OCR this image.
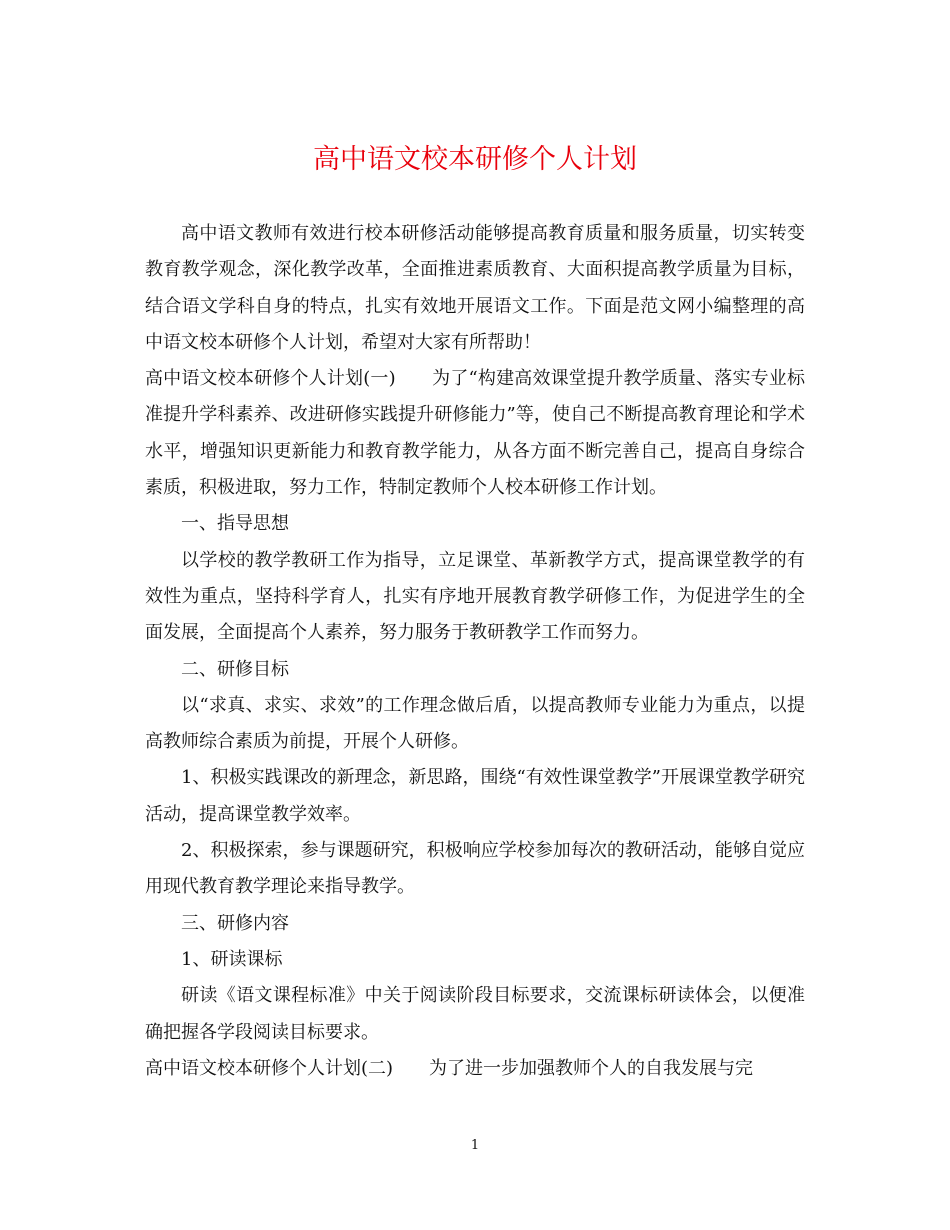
高中语文校本研修个人计划

高中语文教师有效进行校本研修活动能够提高教育质量和服务质量，切实转变教育教学观念，深化教学改革，全面推进素质教育、大面积提高教学质量为目标，结合语文学科自身的特点，扎实有效地开展语文工作。下面是范文网小编整理的高中语文校本研修个人计划，希望对大家有所帮助！

高中语文校本研修个人计划(一)　　为了“构建高效课堂提升教学质量、落实专业标准提升学科素养、改进研修实践提升研修能力”等，使自己不断提高教育理论和学术水平，增强知识更新能力和教育教学能力，从各方面不断完善自己，提高自身综合素质，积极进取，努力工作，特制定教师个人校本研修工作计划。

一、指导思想

以学校的教学教研工作为指导，立足课堂、革新教学方式，提高课堂教学的有效性为重点，坚持科学育人，扎实有序地开展教育教学研修工作，为促进学生的全面发展，全面提高个人素养，努力服务于教研教学工作而努力。

二、研修目标

以“求真、求实、求效”的工作理念做后盾，以提高教师专业能力为重点，以提高教师综合素质为前提，开展个人研修。

1、积极实践课改的新理念，新思路，围绕“有效性课堂教学”开展课堂教学研究活动，提高课堂教学效率。

2、积极探索，参与课题研究，积极响应学校参加每次的教研活动，能够自觉应用现代教育教学理论来指导教学。

三、研修内容

1、研读课标

研读《语文课程标准》中关于阅读阶段目标要求，交流课标研读体会，以便准确把握各学段阅读目标要求。

高中语文校本研修个人计划(二)　　为了进一步加强教师个人的自我发展与完

1
